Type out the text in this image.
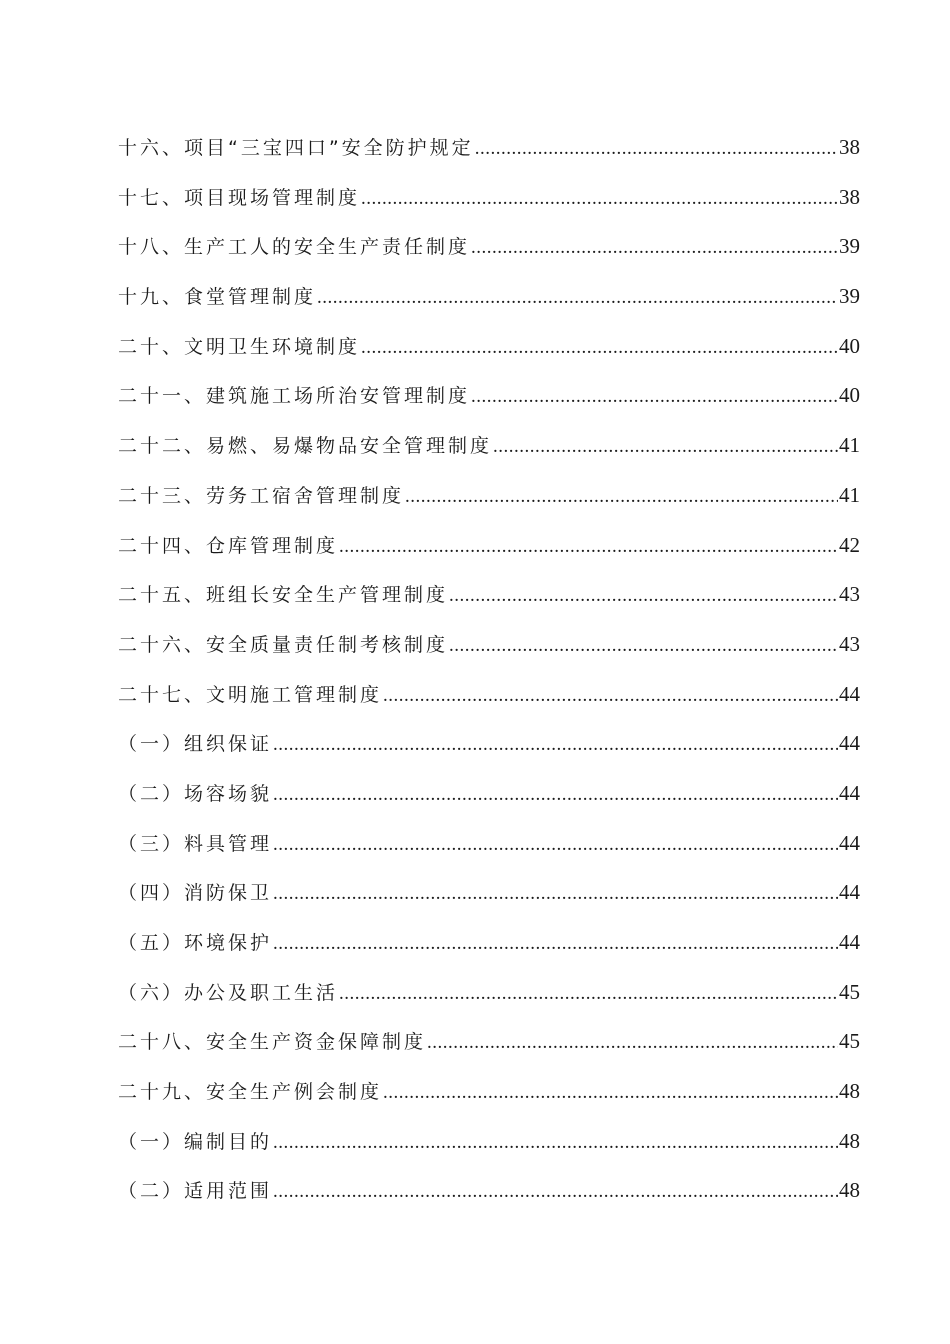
十六、项目“三宝四口”安全防护规定 .....	38
十七、项目现场管理制度 .....	38
十八、生产工人的安全生产责任制度 .....	39
十九、食堂管理制度 .....	39
二十、文明卫生环境制度 .....	40
二十一、建筑施工场所治安管理制度 .....	40
二十二、易燃、易爆物品安全管理制度 .....	41
二十三、劳务工宿舍管理制度 .....	41
二十四、仓库管理制度 .....	42
二十五、班组长安全生产管理制度 .....	43
二十六、安全质量责任制考核制度 .....	43
二十七、文明施工管理制度 .....	44
（一）组织保证 .....	44
（二）场容场貌 .....	44
（三）料具管理 .....	44
（四）消防保卫 .....	44
（五）环境保护 .....	44
（六）办公及职工生活 .....	45
二十八、安全生产资金保障制度 .....	45
二十九、安全生产例会制度 .....	48
（一）编制目的 .....	48
（二）适用范围 .....	48
